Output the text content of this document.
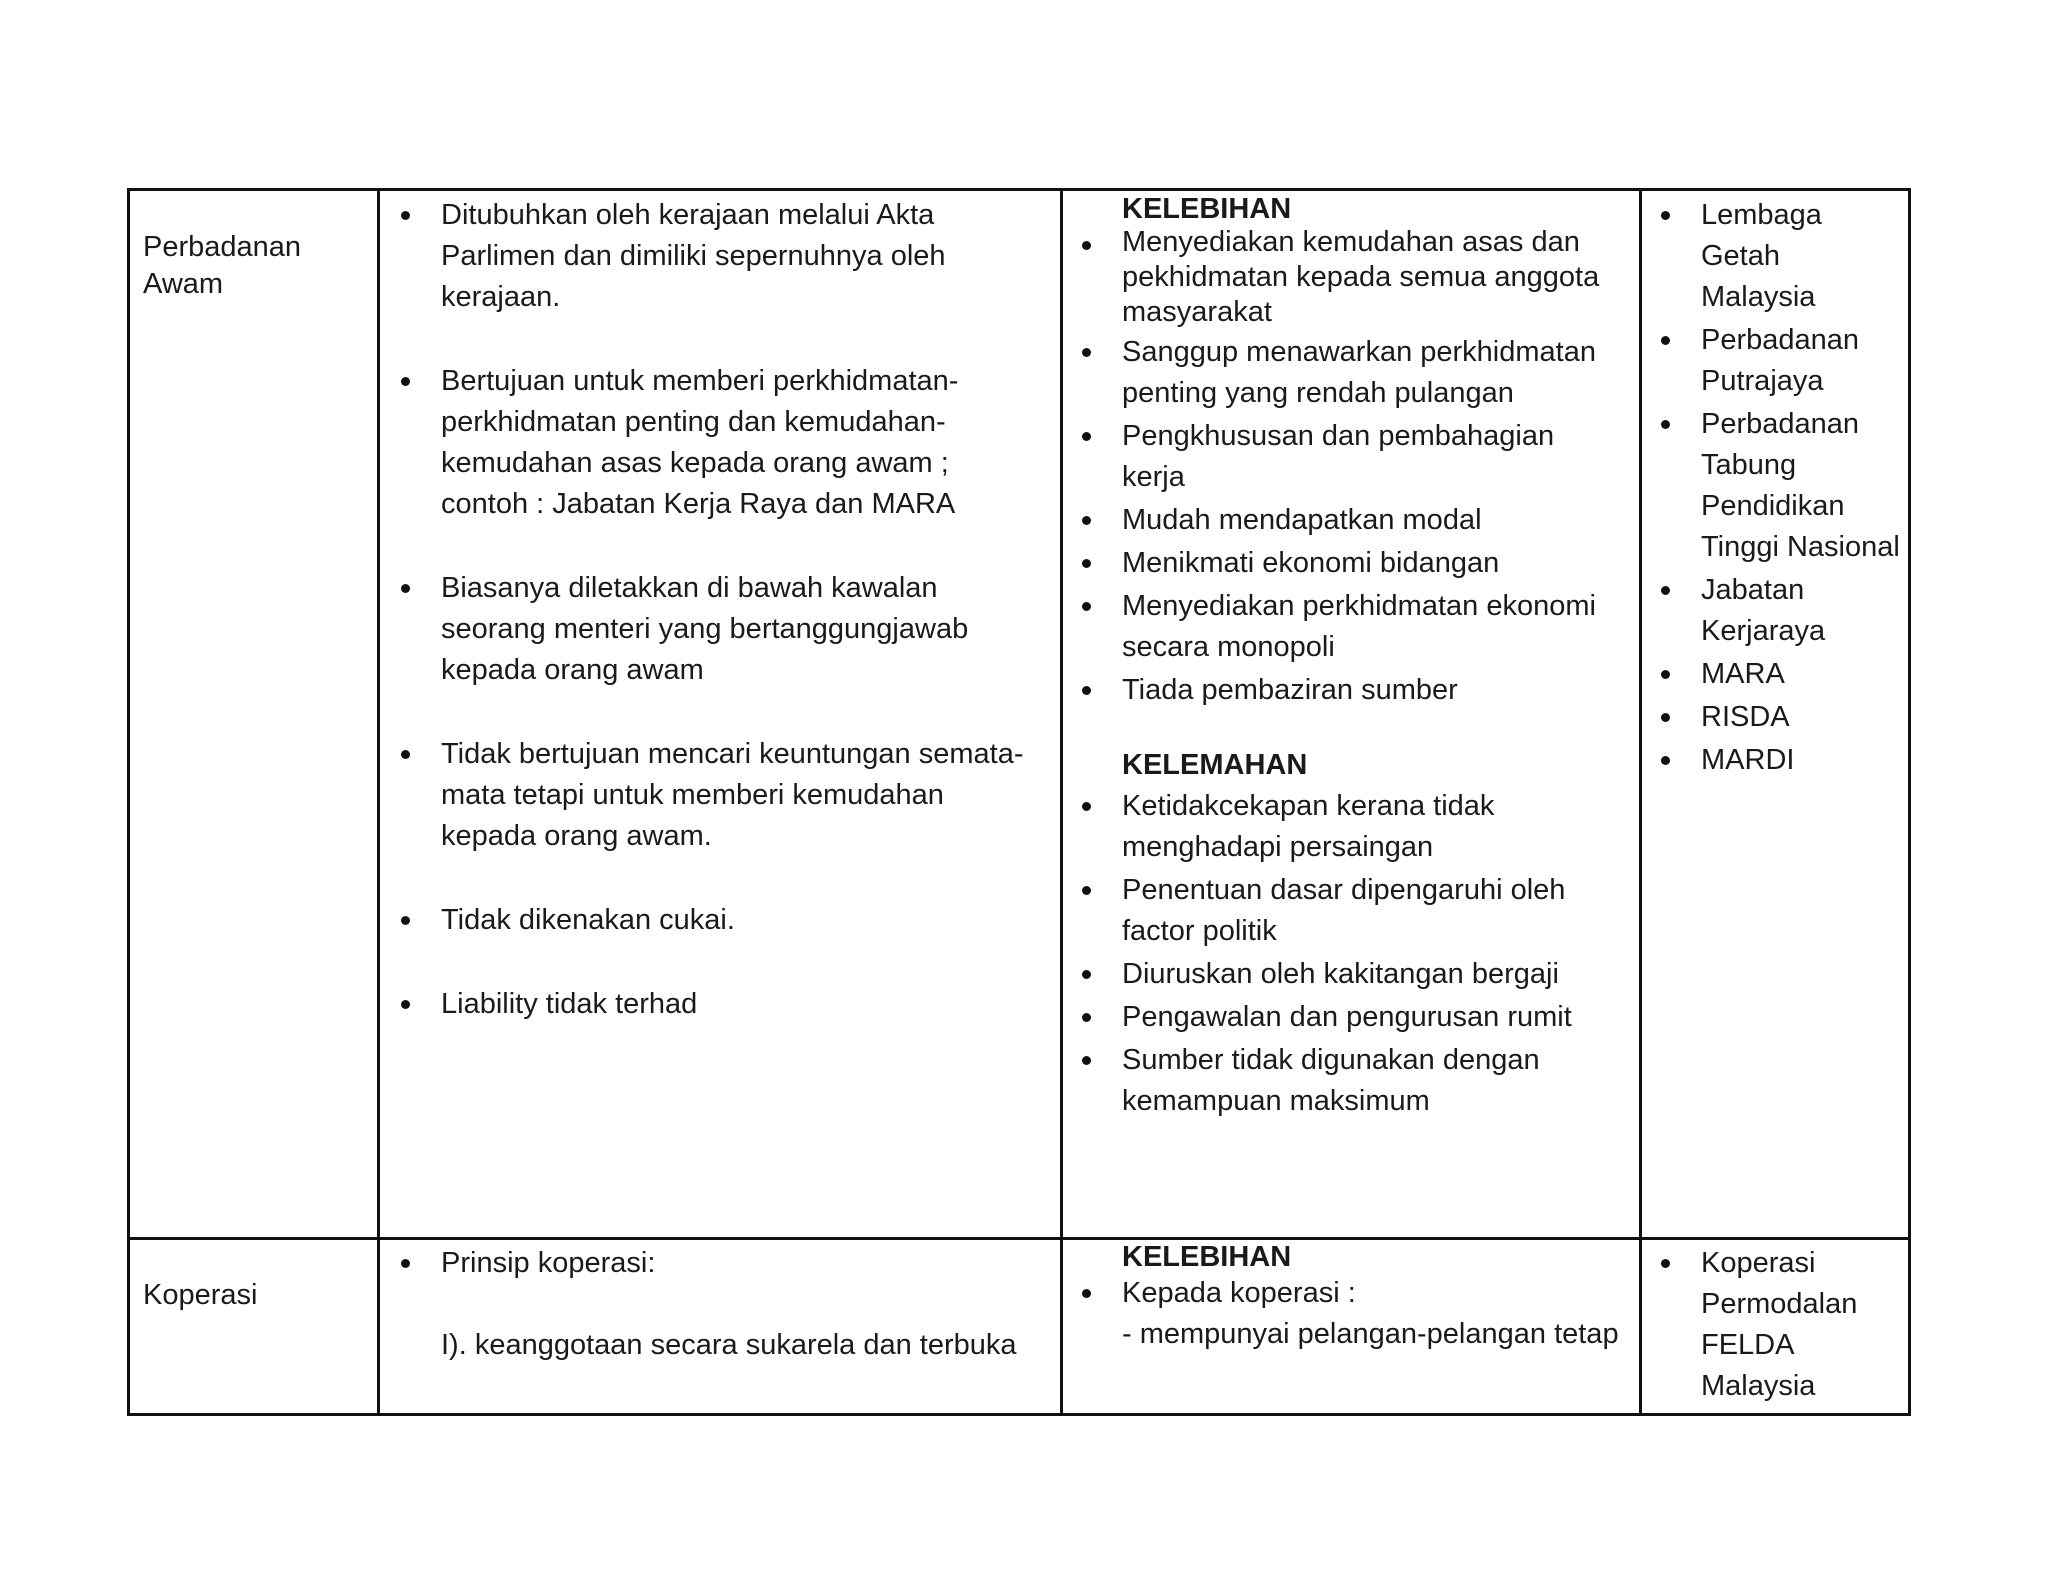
Perbadanan Awam
Ditubuhkan oleh kerajaan melalui Akta Parlimen dan dimiliki sepernuhnya oleh kerajaan.
Bertujuan untuk memberi perkhidmatan-perkhidmatan penting dan kemudahan-kemudahan asas kepada orang awam ; contoh : Jabatan Kerja Raya dan MARA
Biasanya diletakkan di bawah kawalan seorang menteri yang bertanggungjawab kepada orang awam
Tidak bertujuan mencari keuntungan semata-mata tetapi untuk memberi kemudahan kepada orang awam.
Tidak dikenakan cukai.
Liability tidak terhad
KELEBIHAN
Menyediakan kemudahan asas dan pekhidmatan kepada semua anggota masyarakat
Sanggup menawarkan perkhidmatan penting yang rendah pulangan
Pengkhususan dan pembahagian kerja
Mudah mendapatkan modal
Menikmati ekonomi bidangan
Menyediakan perkhidmatan ekonomi secara monopoli
Tiada pembaziran sumber
KELEMAHAN
Ketidakcekapan kerana tidak menghadapi persaingan
Penentuan dasar dipengaruhi oleh factor politik
Diuruskan oleh kakitangan bergaji
Pengawalan dan pengurusan rumit
Sumber tidak digunakan dengan kemampuan maksimum
Lembaga Getah Malaysia
Perbadanan Putrajaya
Perbadanan Tabung Pendidikan Tinggi Nasional
Jabatan Kerjaraya
MARA
RISDA
MARDI
Koperasi
Prinsip koperasi:
I). keanggotaan secara sukarela dan terbuka
KELEBIHAN
Kepada koperasi :
- mempunyai pelangan-pelangan tetap
Koperasi Permodalan FELDA Malaysia
